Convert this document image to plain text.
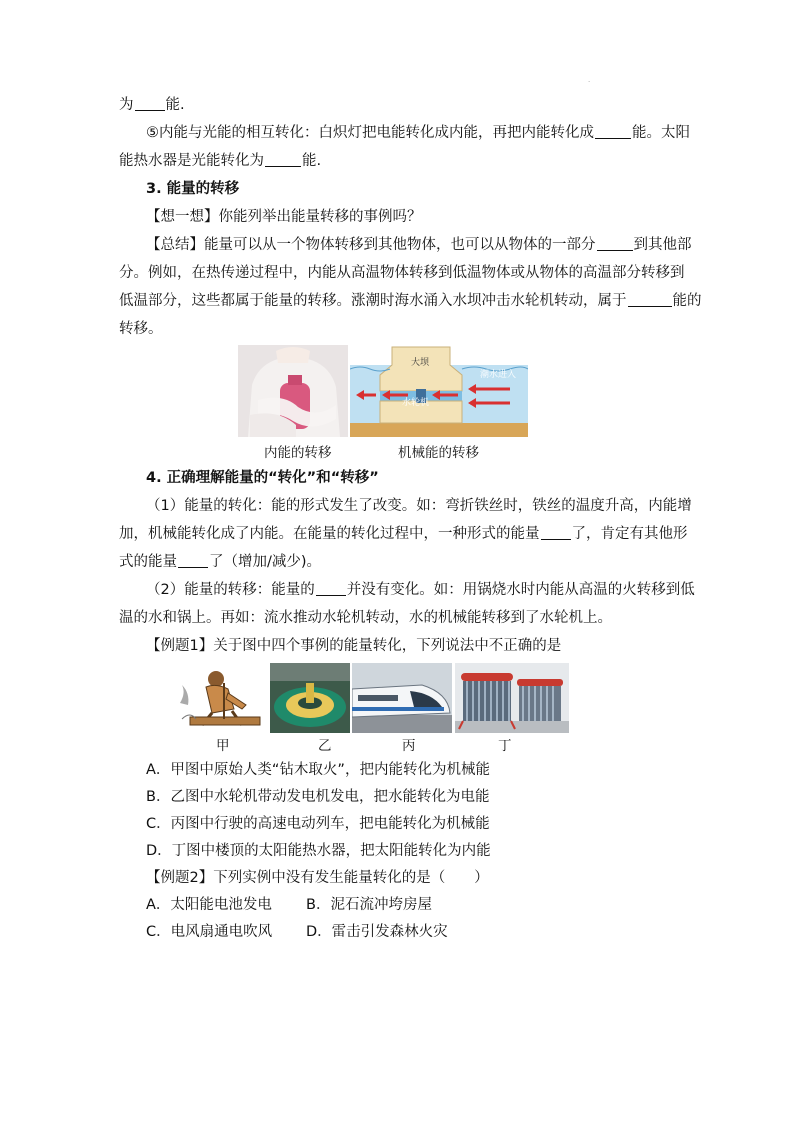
·
为 能.
⑤内能与光能的相互转化：白炽灯把电能转化成内能，再把内能转化成	能。太阳
能热水器是光能转化为	能.
3. 能量的转移
【想一想】你能列举出能量转移的事例吗？
【总结】能量可以从一个物体转移到其他物体，也可以从物体的一部分	到其他部
分。例如，在热传递过程中，内能从高温物体转移到低温物体或从物体的高温部分转移到
低温部分，这些都属于能量的转移。涨潮时海水涌入水坝冲击水轮机转动，属于	能的
转移。
大坝
潮水进入
水轮机
内能的转移	机械能的转移
4. 正确理解能量的“转化”和“转移”
（1）能量的转化：能的形式发生了改变。如：弯折铁丝时，铁丝的温度升高，内能增
加，机械能转化成了内能。在能量的转化过程中，一种形式的能量 了，肯定有其他形
式的能量 了（增加/减少)。
（2）能量的转移：能量的 并没有变化。如：用锅烧水时内能从高温的火转移到低
温的水和锅上。再如：流水推动水轮机转动，水的机械能转移到了水轮机上。
【例题1】关于图中四个事例的能量转化，下列说法中不正确的是
甲	乙	丙	丁
A．甲图中原始人类“钻木取火”，把内能转化为机械能
B．乙图中水轮机带动发电机发电，把水能转化为电能
C．丙图中行驶的高速电动列车，把电能转化为机械能
D．丁图中楼顶的太阳能热水器，把太阳能转化为内能
【例题2】下列实例中没有发生能量转化的是（　　）
A．太阳能电池发电 B．泥石流冲垮房屋
C．电风扇通电吹风 D．雷击引发森林火灾
